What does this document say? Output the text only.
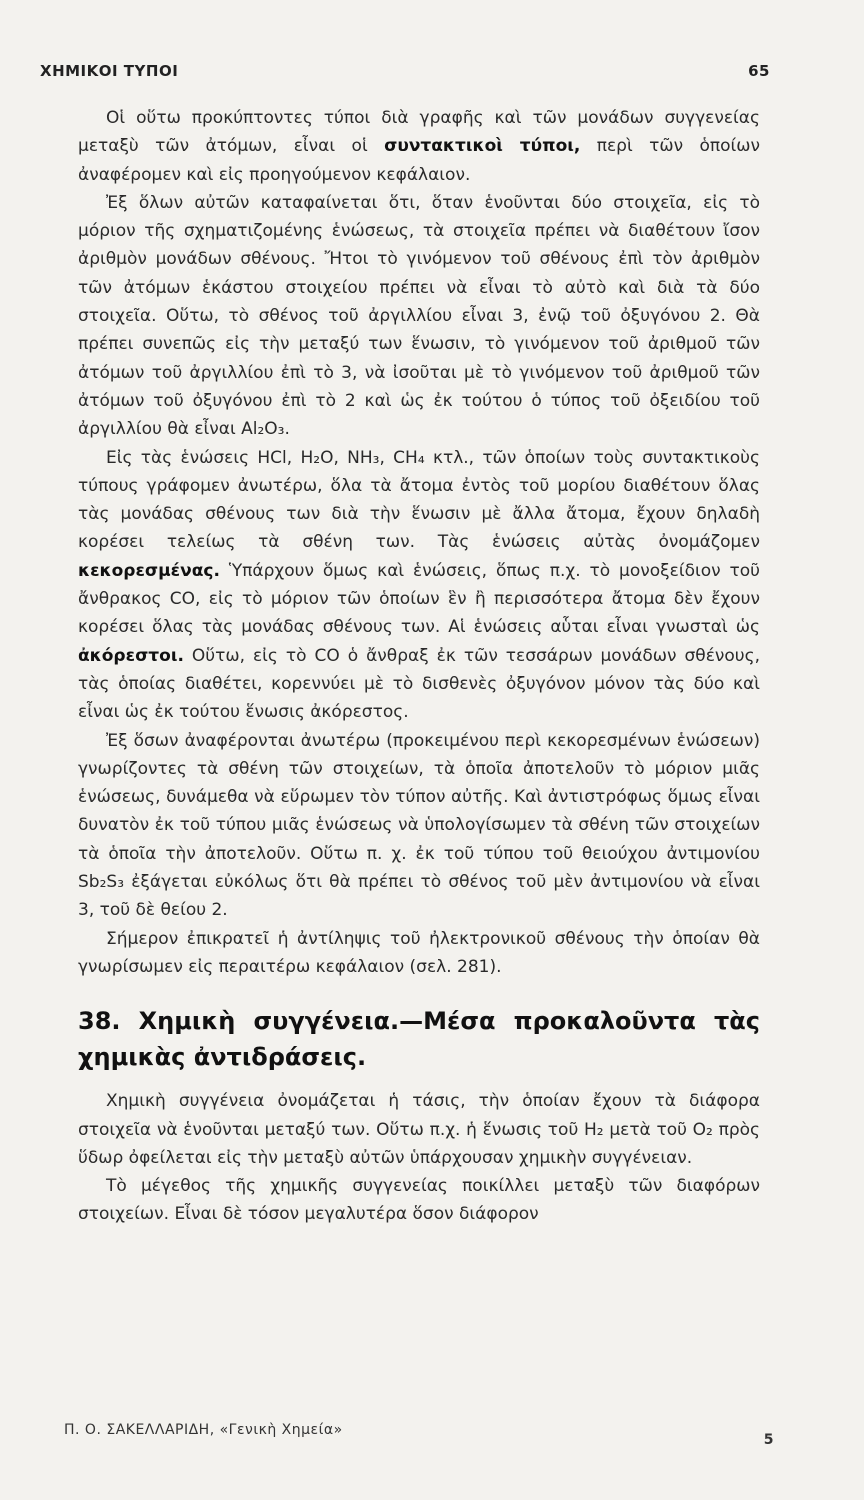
ΧΗΜΙΚΟΙ ΤΥΠΟΙ	65

Οἱ οὕτω προκύπτοντες τύποι διὰ γραφῆς καὶ τῶν μονάδων συγγενείας μεταξὺ τῶν ἀτόμων, εἶναι οἱ συντακτικοὶ τύποι, περὶ τῶν ὁποίων ἀναφέρομεν καὶ εἰς προηγούμενον κεφάλαιον.

Ἐξ ὅλων αὐτῶν καταφαίνεται ὅτι, ὅταν ἑνοῦνται δύο στοιχεῖα, εἰς τὸ μόριον τῆς σχηματιζομένης ἑνώσεως, τὰ στοιχεῖα πρέπει νὰ διαθέτουν ἴσον ἀριθμὸν μονάδων σθένους. Ἤτοι τὸ γινόμενον τοῦ σθένους ἐπὶ τὸν ἀριθμὸν τῶν ἀτόμων ἑκάστου στοιχείου πρέπει νὰ εἶναι τὸ αὐτὸ καὶ διὰ τὰ δύο στοιχεῖα. Οὕτω, τὸ σθένος τοῦ ἀργιλλίου εἶναι 3, ἐνῷ τοῦ ὀξυγόνου 2. Θὰ πρέπει συνεπῶς εἰς τὴν μεταξύ των ἕνωσιν, τὸ γινόμενον τοῦ ἀριθμοῦ τῶν ἀτόμων τοῦ ἀργιλλίου ἐπὶ τὸ 3, νὰ ἰσοῦται μὲ τὸ γινόμενον τοῦ ἀριθμοῦ τῶν ἀτόμων τοῦ ὀξυγόνου ἐπὶ τὸ 2 καὶ ὡς ἐκ τούτου ὁ τύπος τοῦ ὀξειδίου τοῦ ἀργιλλίου θὰ εἶναι Al₂O₃.

Εἰς τὰς ἑνώσεις HCl, H₂O, NH₃, CH₄ κτλ., τῶν ὁποίων τοὺς συντακτικοὺς τύπους γράφομεν ἀνωτέρω, ὅλα τὰ ἄτομα ἐντὸς τοῦ μορίου διαθέτουν ὅλας τὰς μονάδας σθένους των διὰ τὴν ἕνωσιν μὲ ἄλλα ἄτομα, ἔχουν δηλαδὴ κορέσει τελείως τὰ σθένη των. Τὰς ἑνώσεις αὐτὰς ὀνομάζομεν κεκορεσμένας. Ὑπάρχουν ὅμως καὶ ἑνώσεις, ὅπως π.χ. τὸ μονοξείδιον τοῦ ἄνθρακος CO, εἰς τὸ μόριον τῶν ὁποίων ἓν ἢ περισσότερα ἄτομα δὲν ἔχουν κορέσει ὅλας τὰς μονάδας σθένους των. Αἱ ἑνώσεις αὗται εἶναι γνωσταὶ ὡς ἀκόρεστοι. Οὕτω, εἰς τὸ CO ὁ ἄνθραξ ἐκ τῶν τεσσάρων μονάδων σθένους, τὰς ὁποίας διαθέτει, κορεννύει μὲ τὸ δισθενὲς ὀξυγόνον μόνον τὰς δύο καὶ εἶναι ὡς ἐκ τούτου ἕνωσις ἀκόρεστος.

Ἐξ ὅσων ἀναφέρονται ἀνωτέρω (προκειμένου περὶ κεκορεσμένων ἑνώσεων) γνωρίζοντες τὰ σθένη τῶν στοιχείων, τὰ ὁποῖα ἀποτελοῦν τὸ μόριον μιᾶς ἑνώσεως, δυνάμεθα νὰ εὕρωμεν τὸν τύπον αὐτῆς. Καὶ ἀντιστρόφως ὅμως εἶναι δυνατὸν ἐκ τοῦ τύπου μιᾶς ἑνώσεως νὰ ὑπολογίσωμεν τὰ σθένη τῶν στοιχείων τὰ ὁποῖα τὴν ἀποτελοῦν. Οὕτω π. χ. ἐκ τοῦ τύπου τοῦ θειούχου ἀντιμονίου Sb₂S₃ ἐξάγεται εὐκόλως ὅτι θὰ πρέπει τὸ σθένος τοῦ μὲν ἀντιμονίου νὰ εἶναι 3, τοῦ δὲ θείου 2.

Σήμερον ἐπικρατεῖ ἡ ἀντίληψις τοῦ ἠλεκτρονικοῦ σθένους τὴν ὁποίαν θὰ γνωρίσωμεν εἰς περαιτέρω κεφάλαιον (σελ. 281).

38. Χημικὴ συγγένεια.—Μέσα προκαλοῦντα τὰς χημικὰς ἀντιδράσεις.

Χημικὴ συγγένεια ὀνομάζεται ἡ τάσις, τὴν ὁποίαν ἔχουν τὰ διάφορα στοιχεῖα νὰ ἑνοῦνται μεταξύ των. Οὕτω π.χ. ἡ ἕνωσις τοῦ H₂ μετὰ τοῦ O₂ πρὸς ὕδωρ ὀφείλεται εἰς τὴν μεταξὺ αὐτῶν ὑπάρχουσαν χημικὴν συγγένειαν.

Τὸ μέγεθος τῆς χημικῆς συγγενείας ποικίλλει μεταξὺ τῶν διαφόρων στοιχείων. Εἶναι δὲ τόσον μεγαλυτέρα ὅσον διάφορον

Π. Ο. ΣΑΚΕΛΛΑΡΙΔΗ, «Γενικὴ Χημεία»
5
